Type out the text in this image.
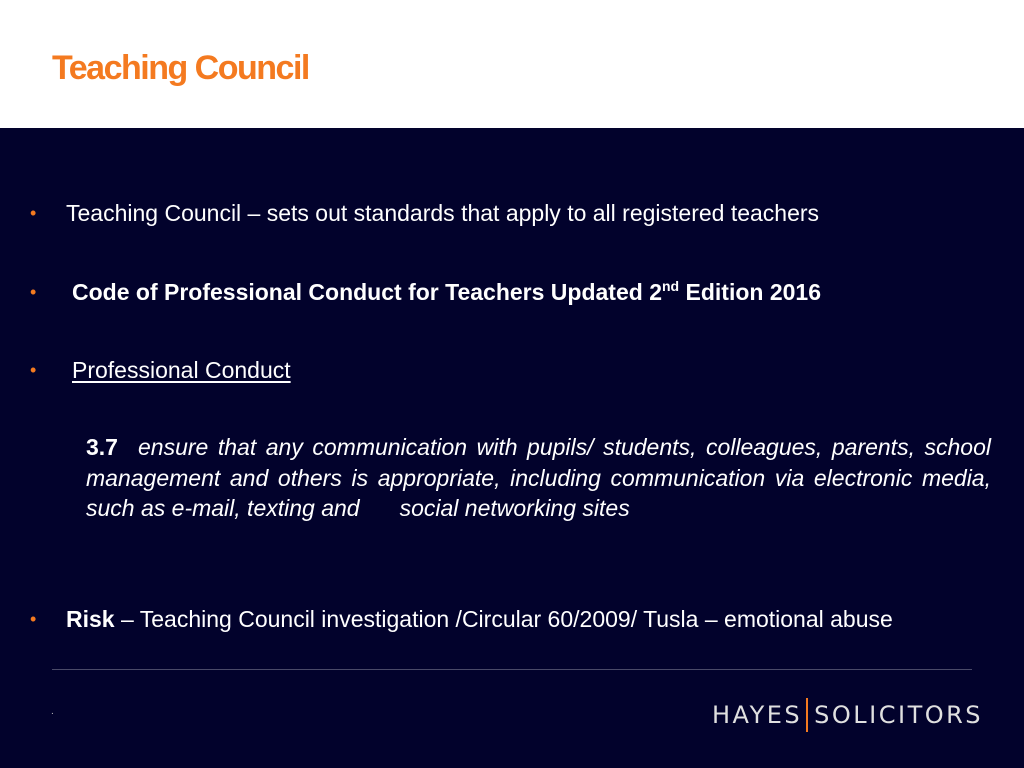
Teaching Council
• Teaching Council – sets out standards that apply to all registered teachers
• Code of Professional Conduct for Teachers Updated 2nd Edition 2016
• Professional Conduct
3.7 ensure that any communication with pupils/ students, colleagues, parents, school management and others is appropriate, including communication via electronic media, such as e-mail, texting and social networking sites
• Risk – Teaching Council investigation /Circular 60/2009/ Tusla – emotional abuse
.	HAYES SOLICITORS
